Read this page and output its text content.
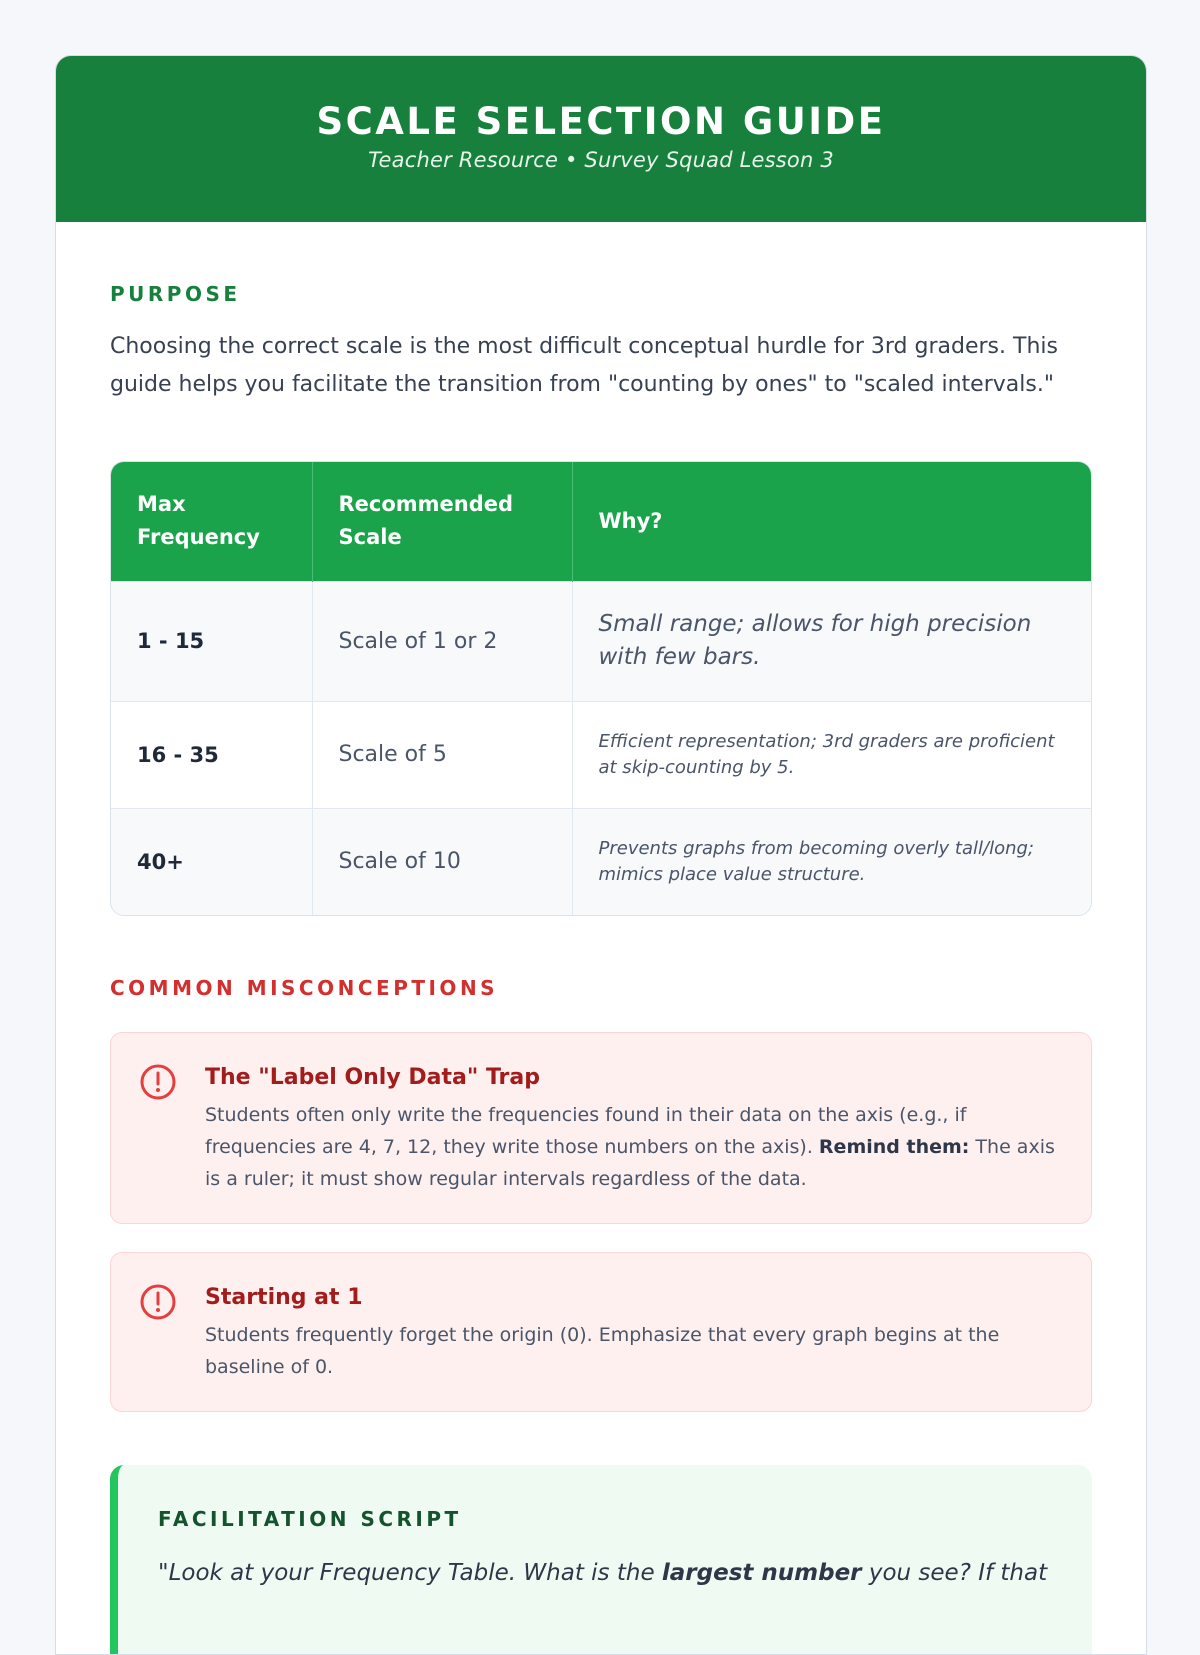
SCALE SELECTION GUIDE
Teacher Resource • Survey Squad Lesson 3
PURPOSE

Choosing the correct scale is the most difficult conceptual hurdle for 3rd graders. This guide helps you facilitate the transition from "counting by ones" to "scaled intervals."

Max Frequency	Recommended Scale	Why?
1 - 15	Scale of 1 or 2	Small range; allows for high precision with few bars.
16 - 35	Scale of 5	Efficient representation; 3rd graders are proficient at skip-counting by 5.
40+	Scale of 10	Prevents graphs from becoming overly tall/long; mimics place value structure.
COMMON MISCONCEPTIONS
The "Label Only Data" Trap

Students often only write the frequencies found in their data on the axis (e.g., if frequencies are 4, 7, 12, they write those numbers on the axis). Remind them: The axis is a ruler; it must show regular intervals regardless of the data.

Starting at 1

Students frequently forget the origin (0). Emphasize that every graph begins at the baseline of 0.

FACILITATION SCRIPT

"Look at your Frequency Table. What is the largest number you see? If that
